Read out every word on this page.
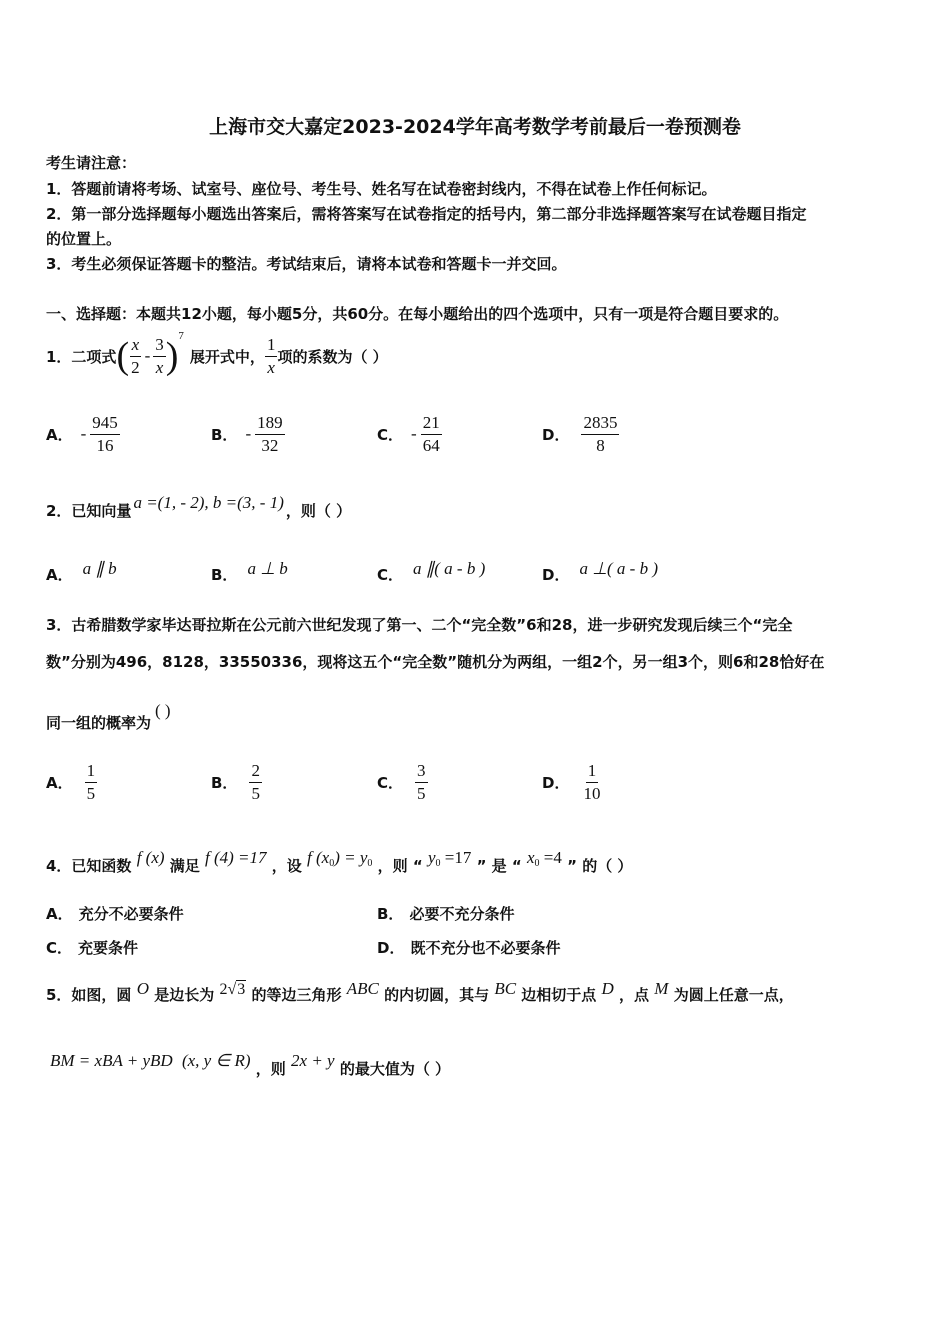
上海市交大嘉定2023-2024学年高考数学考前最后一卷预测卷
考生请注意：
1．答题前请将考场、试室号、座位号、考生号、姓名写在试卷密封线内，不得在试卷上作任何标记。
2．第一部分选择题每小题选出答案后，需将答案写在试卷指定的括号内，第二部分非选择题答案写在试卷题目指定
的位置上。
3．考生必须保证答题卡的整洁。考试结束后，请将本试卷和答题卡一并交回。
一、选择题：本题共12小题，每小题5分，共60分。在每小题给出的四个选项中，只有一项是符合题目要求的。
1．二项式 ( $\frac{x}{2} - \frac{3}{x}$ ) 7
展开式中， $\frac{1}{x}$ 项的系数为（ ）
A． - $\frac{945}{16}$	B． - $\frac{189}{32}$	C． - $\frac{21}{64}$	D． $\frac{2835}{8}$
2．已知向量 a =(1, - 2), b =(3, - 1) ，则（ ）
A． a ∥ b	B． a ⊥ b	C． a ∥( a - b )	D． a ⊥( a - b )
3．古希腊数学家毕达哥拉斯在公元前六世纪发现了第一、二个“完全数”6和28，进一步研究发现后续三个“完全
数”分别为496，8128，33550336，现将这五个“完全数”随机分为两组，一组2个，另一组3个，则6和28恰好在
同一组的概率为( )
A． $\frac{1}{5}$	B． $\frac{2}{5}$	C． $\frac{3}{5}$	D． $\frac{1}{10}$
4．已知函数 f (x) 满足 f (4) =17 ，设 f $(x_0) = y_0$ ，则 “ $y_0 =17$ ” 是 “ $x_0 =4$ ” 的（ ）
A． 充分不必要条件	B． 必要不充分条件
C． 充要条件	D． 既不充分也不必要条件
5．如图，圆 O 是边长为 2√3 的等边三角形 ABC 的内切圆，其与 BC 边相切于点 D ，点 M 为圆上任意一点，
BM = xBA + yBD (x, y ∈ R) ，则 2x + y 的最大值为（ ）
